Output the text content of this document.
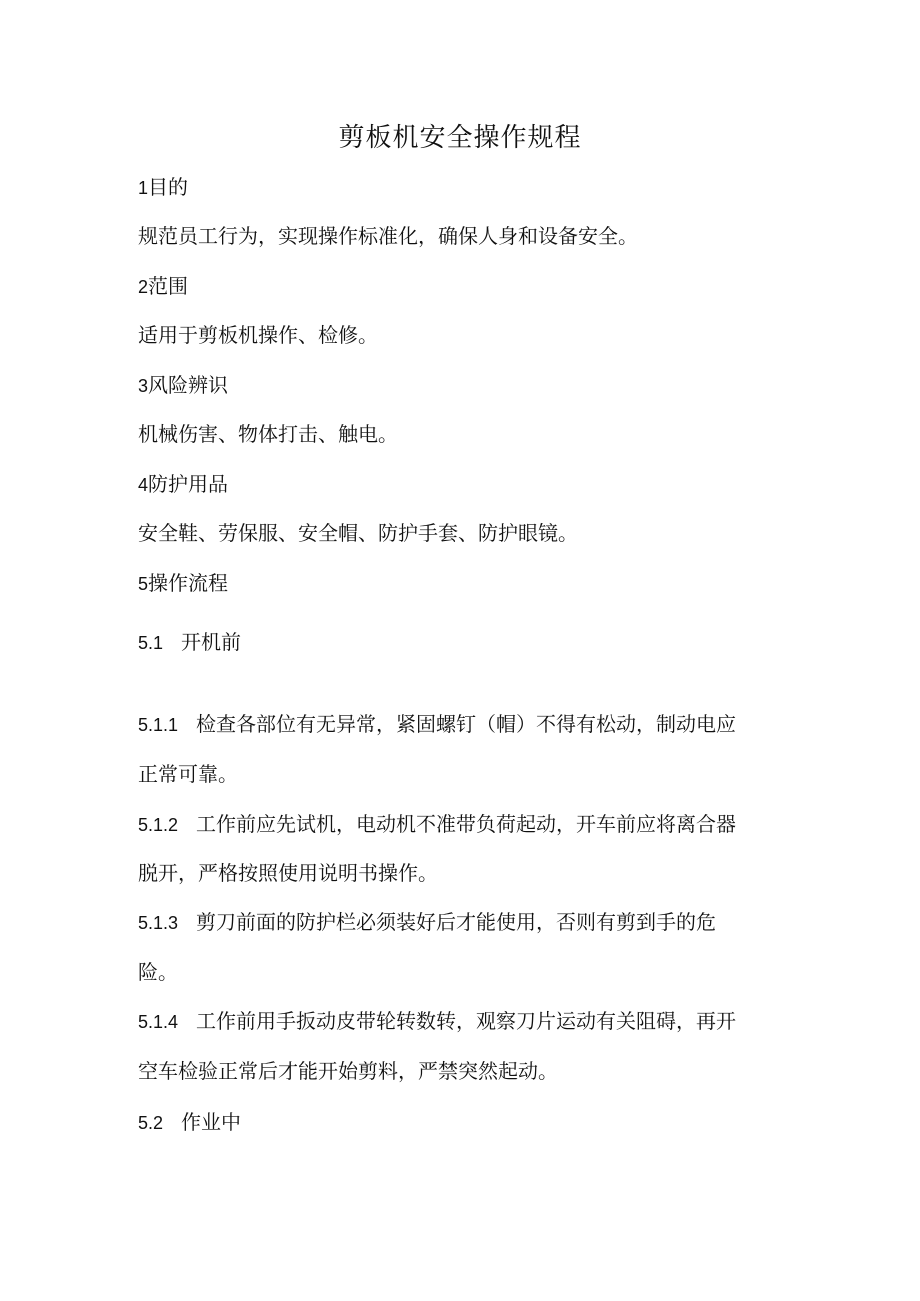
剪板机安全操作规程
1目的
规范员工行为，实现操作标准化，确保人身和设备安全。
2范围
适用于剪板机操作、检修。
3风险辨识
机械伤害、物体打击、触电。
4防护用品
安全鞋、劳保服、安全帽、防护手套、防护眼镜。
5操作流程
5.1 开机前
5.1.1 检查各部位有无异常，紧固螺钉（帽）不得有松动，制动电应
正常可靠。
5.1.2 工作前应先试机，电动机不准带负荷起动，开车前应将离合器
脱开，严格按照使用说明书操作。
5.1.3 剪刀前面的防护栏必须装好后才能使用，否则有剪到手的危
险。
5.1.4 工作前用手扳动皮带轮转数转，观察刀片运动有关阻碍，再开
空车检验正常后才能开始剪料，严禁突然起动。
5.2 作业中
